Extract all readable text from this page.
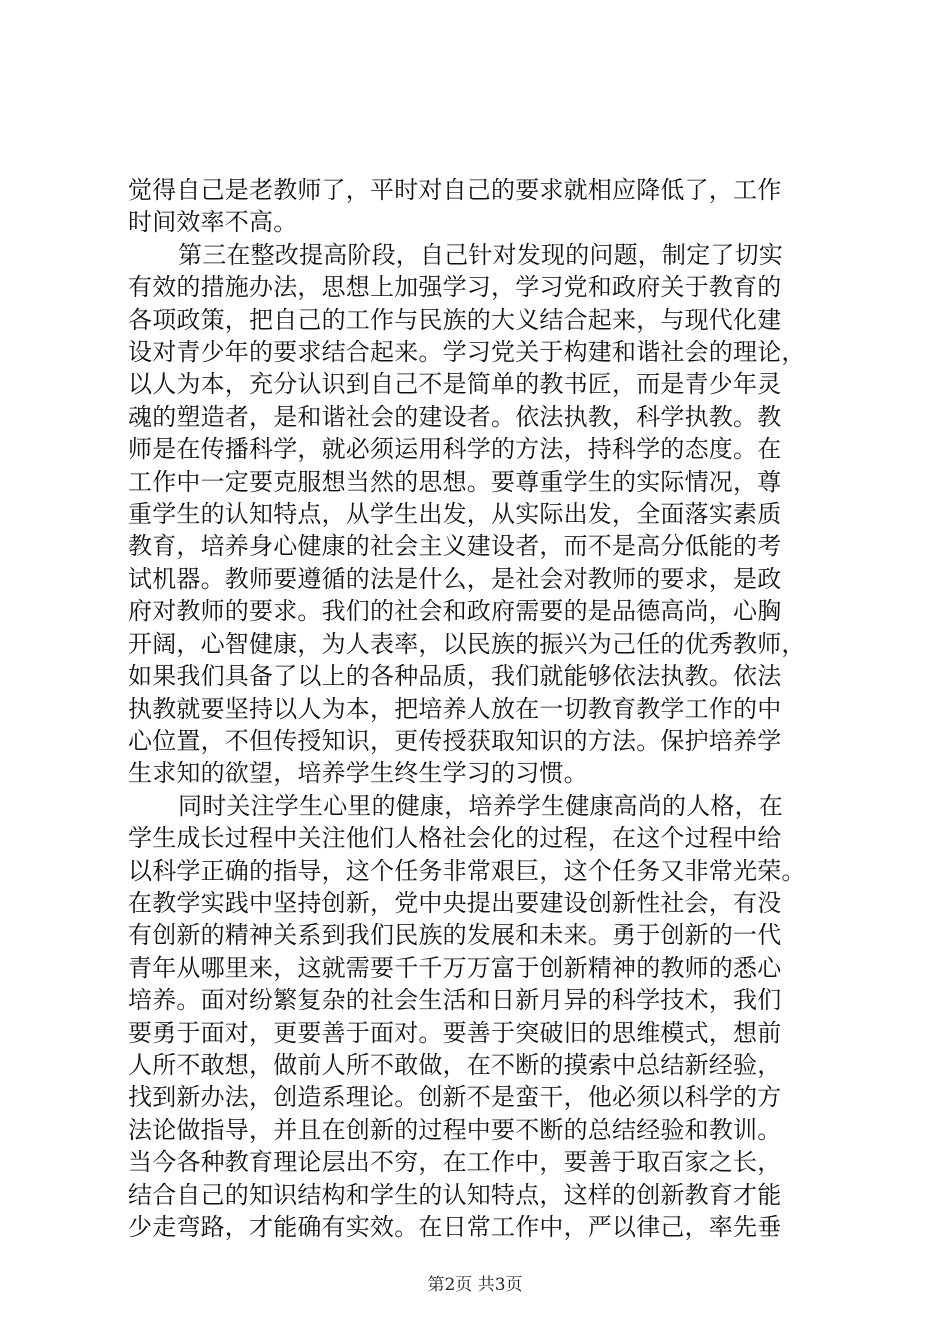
觉得自己是老教师了，平时对自己的要求就相应降低了，工作
时间效率不高。
第三在整改提高阶段，自己针对发现的问题，制定了切实
有效的措施办法，思想上加强学习，学习党和政府关于教育的
各项政策，把自己的工作与民族的大义结合起来，与现代化建
设对青少年的要求结合起来。学习党关于构建和谐社会的理论，
以人为本，充分认识到自己不是简单的教书匠，而是青少年灵
魂的塑造者，是和谐社会的建设者。依法执教，科学执教。教
师是在传播科学，就必须运用科学的方法，持科学的态度。在
工作中一定要克服想当然的思想。要尊重学生的实际情况，尊
重学生的认知特点，从学生出发，从实际出发，全面落实素质
教育，培养身心健康的社会主义建设者，而不是高分低能的考
试机器。教师要遵循的法是什么，是社会对教师的要求，是政
府对教师的要求。我们的社会和政府需要的是品德高尚，心胸
开阔，心智健康，为人表率，以民族的振兴为己任的优秀教师，
如果我们具备了以上的各种品质，我们就能够依法执教。依法
执教就要坚持以人为本，把培养人放在一切教育教学工作的中
心位置，不但传授知识，更传授获取知识的方法。保护培养学
生求知的欲望，培养学生终生学习的习惯。
同时关注学生心里的健康，培养学生健康高尚的人格，在
学生成长过程中关注他们人格社会化的过程，在这个过程中给
以科学正确的指导，这个任务非常艰巨，这个任务又非常光荣。
在教学实践中坚持创新，党中央提出要建设创新性社会，有没
有创新的精神关系到我们民族的发展和未来。勇于创新的一代
青年从哪里来，这就需要千千万万富于创新精神的教师的悉心
培养。面对纷繁复杂的社会生活和日新月异的科学技术，我们
要勇于面对，更要善于面对。要善于突破旧的思维模式，想前
人所不敢想，做前人所不敢做，在不断的摸索中总结新经验，
找到新办法，创造系理论。创新不是蛮干，他必须以科学的方
法论做指导，并且在创新的过程中要不断的总结经验和教训。
当今各种教育理论层出不穷，在工作中，要善于取百家之长，
结合自己的知识结构和学生的认知特点，这样的创新教育才能
少走弯路，才能确有实效。在日常工作中，严以律己，率先垂
第2页 共3页
